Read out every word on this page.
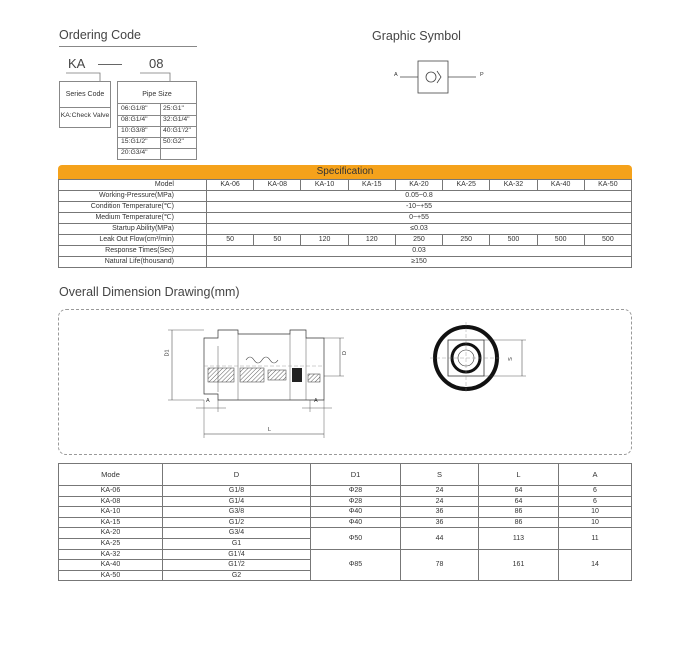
Ordering Code
KA	08
Series Code
KA:Check Valve
Pipe Size
06:G1/8" 25:G1"
08:G1/4" 32:G1/4"
10:G3/8" 40:G1'/2"
15:G1/2" 50:G2"
20:G3/4"
Graphic Symbol
A	P
Specification
Model	KA-06	KA-08	KA-10	KA-15	KA-20	KA-25	KA-32	KA-40	KA-50
Working-Pressure(MPa)	0.05~0.8								
Condition Temperature(℃)	-10~+55								
Medium Temperature(℃)	0~+55								
Startup Ability(MPa)	≤0.03								
Leak Out Flow(cm³/min)	50	50	120	120	250	250	500	500	500
Response Times(Sec)	0.03								
Natural Life(thousand)	≥150								
Overall Dimension Drawing(mm)
D1	D
A	A
L
S
Mode	D	D1	S	L	A
KA-06	G1/8	Φ28	24	64	6
KA-08	G1/4	Φ28	24	64	6
KA-10	G3/8	Φ40	36	86	10
KA-15	G1/2	Φ40	36	86	10
KA-20	G3/4	Φ50	44	113	11
KA-25	G1				
KA-32	G1'/4	Φ85	78	161	14
KA-40	G1'/2				
KA-50	G2				
